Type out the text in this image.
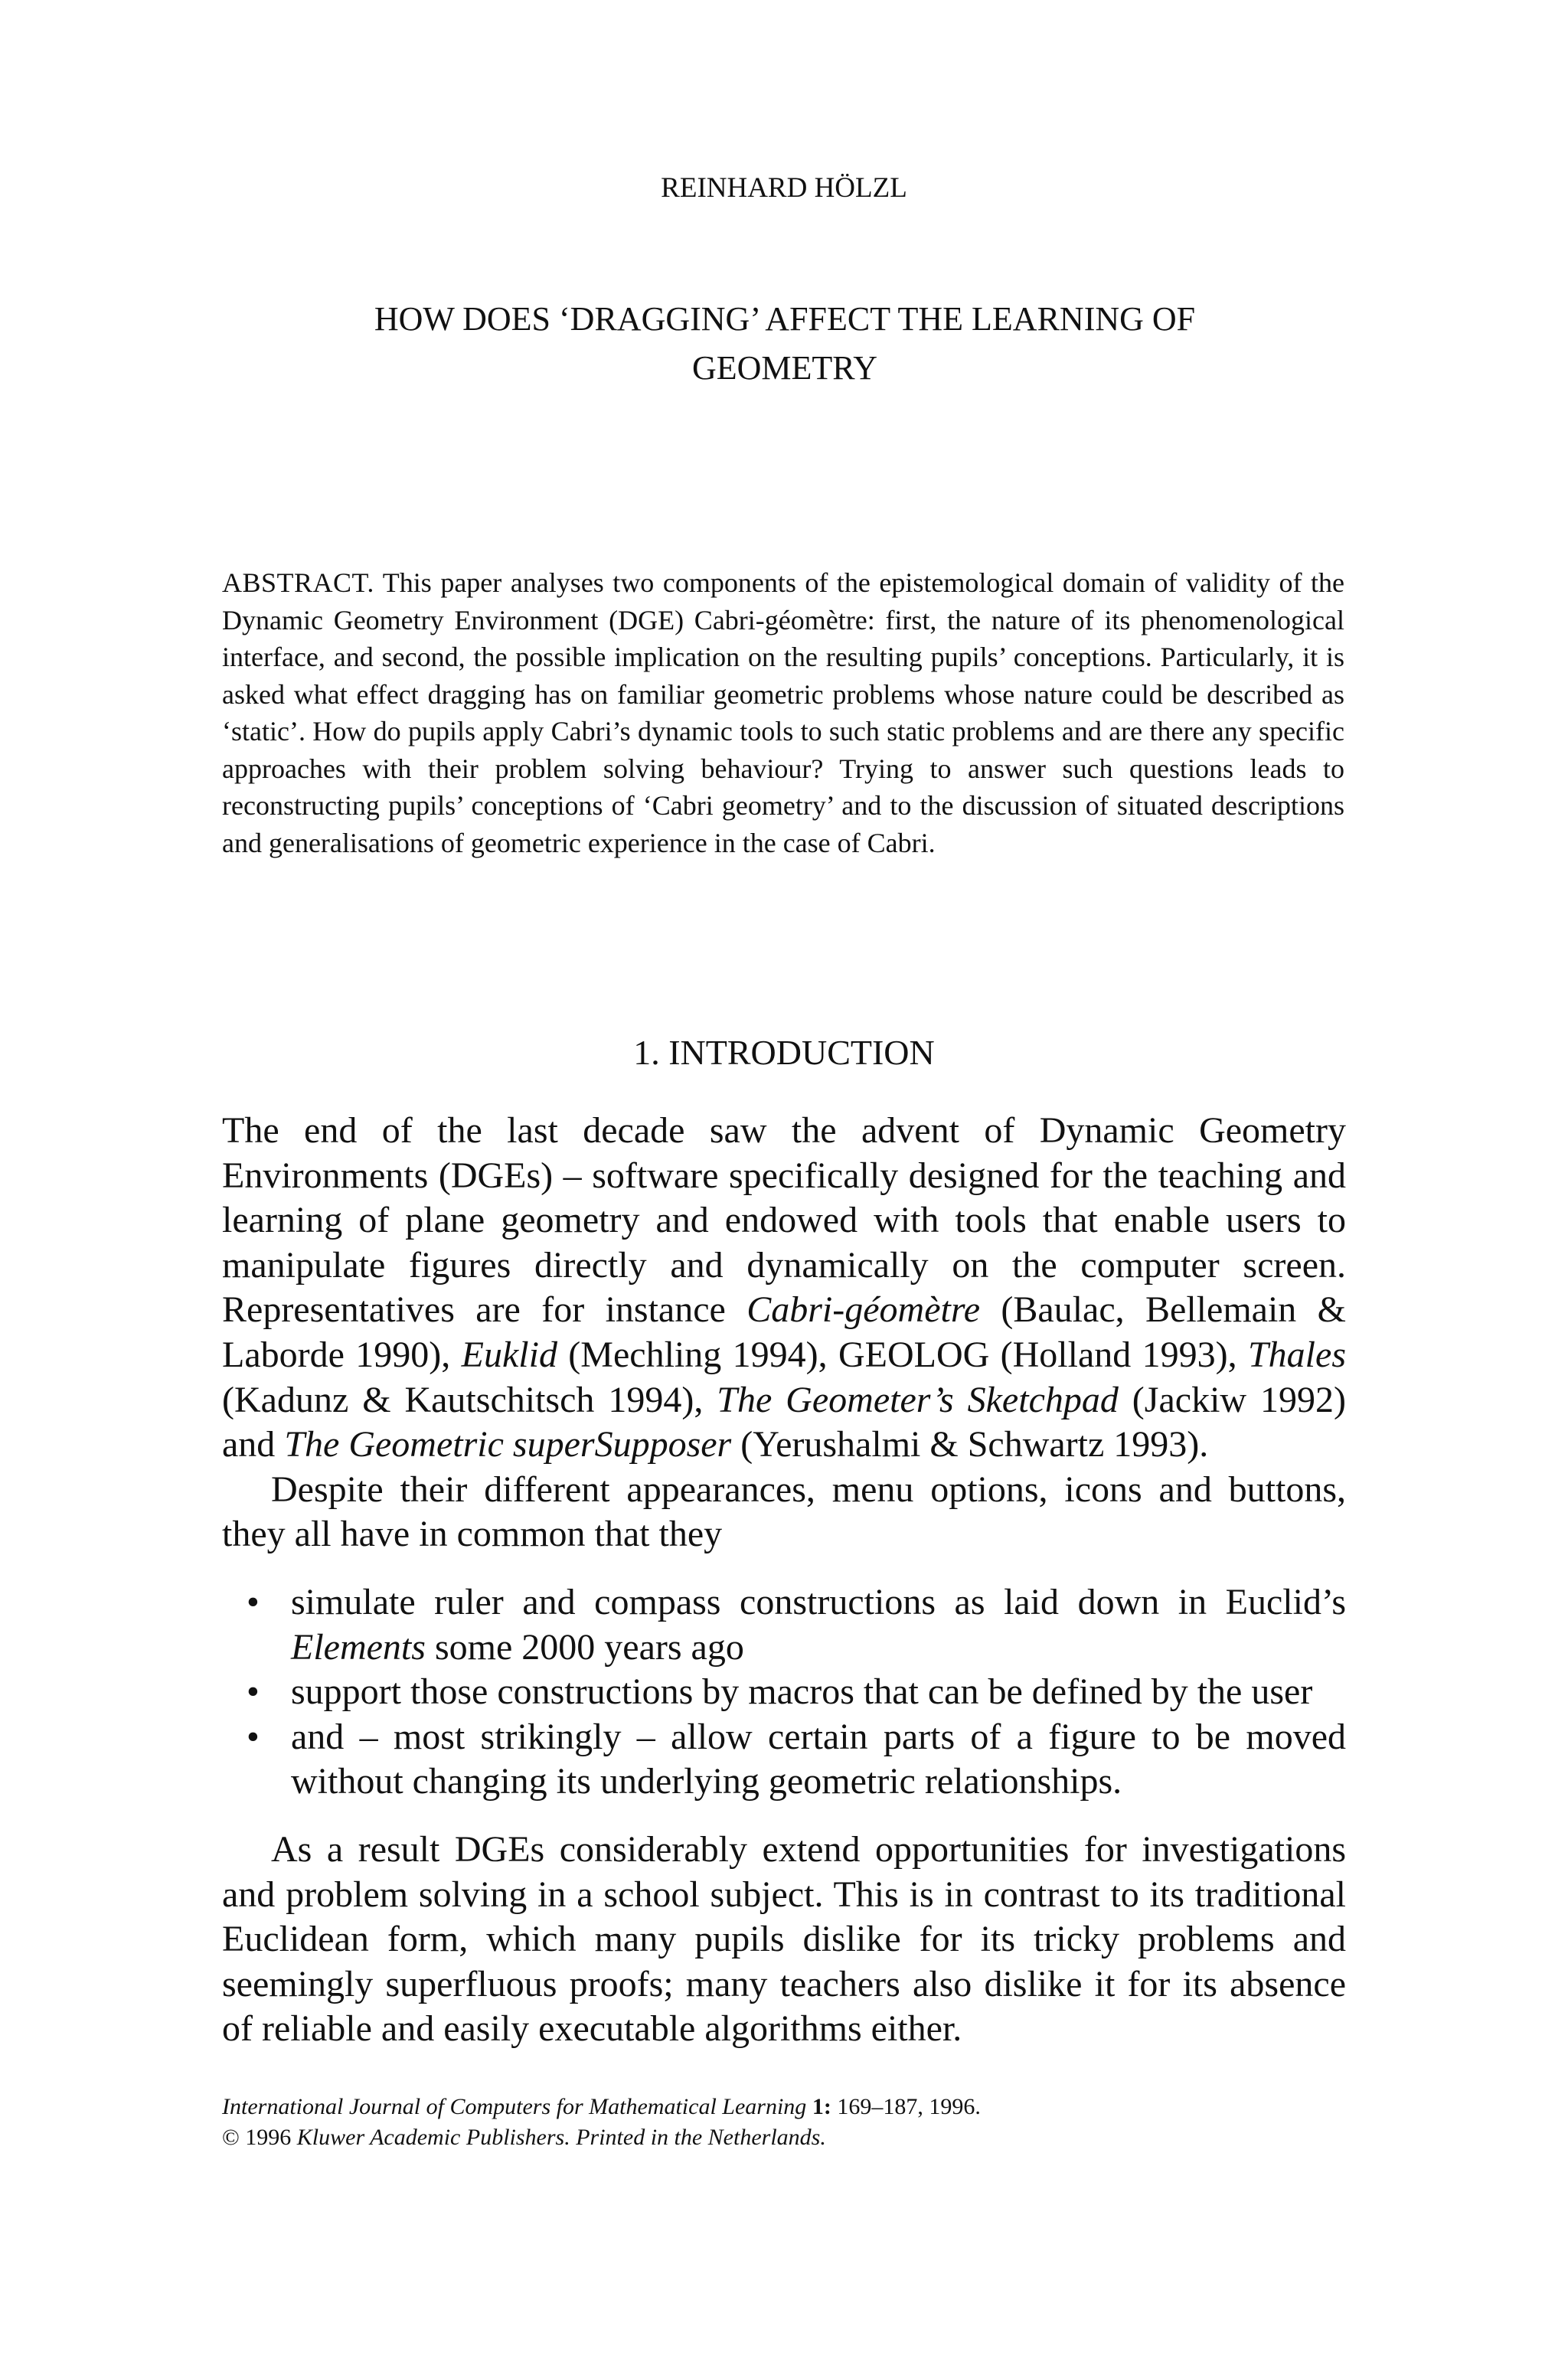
REINHARD HÖLZL
HOW DOES ‘DRAGGING’ AFFECT THE LEARNING OF GEOMETRY
ABSTRACT. This paper analyses two components of the epistemological domain of validity of the Dynamic Geometry Environment (DGE) Cabri-géomètre: first, the nature of its phenomenological interface, and second, the possible implication on the resulting pupils’ conceptions. Particularly, it is asked what effect dragging has on familiar geometric problems whose nature could be described as ‘static’. How do pupils apply Cabri’s dynamic tools to such static problems and are there any specific approaches with their problem solving behaviour? Trying to answer such questions leads to reconstructing pupils’ conceptions of ‘Cabri geometry’ and to the discussion of situated descriptions and generalisations of geometric experience in the case of Cabri.
1. INTRODUCTION

The end of the last decade saw the advent of Dynamic Geometry Environments (DGEs) – software specifically designed for the teaching and learning of plane geometry and endowed with tools that enable users to manipulate figures directly and dynamically on the computer screen. Representatives are for instance Cabri-géomètre (Baulac, Bellemain & Laborde 1990), Euklid (Mechling 1994), GEOLOG (Holland 1993), Thales (Kadunz & Kautschitsch 1994), The Geometer’s Sketchpad (Jackiw 1992) and The Geometric superSupposer (Yerushalmi & Schwartz 1993).

Despite their different appearances, menu options, icons and buttons, they all have in common that they

• simulate ruler and compass constructions as laid down in Euclid’s Elements some 2000 years ago
• support those constructions by macros that can be defined by the user
• and – most strikingly – allow certain parts of a figure to be moved without changing its underlying geometric relationships.

As a result DGEs considerably extend opportunities for investigations and problem solving in a school subject. This is in contrast to its traditional Euclidean form, which many pupils dislike for its tricky problems and seemingly superfluous proofs; many teachers also dislike it for its absence of reliable and easily executable algorithms either.

International Journal of Computers for Mathematical Learning 1: 169–187, 1996.
© 1996 Kluwer Academic Publishers. Printed in the Netherlands.
